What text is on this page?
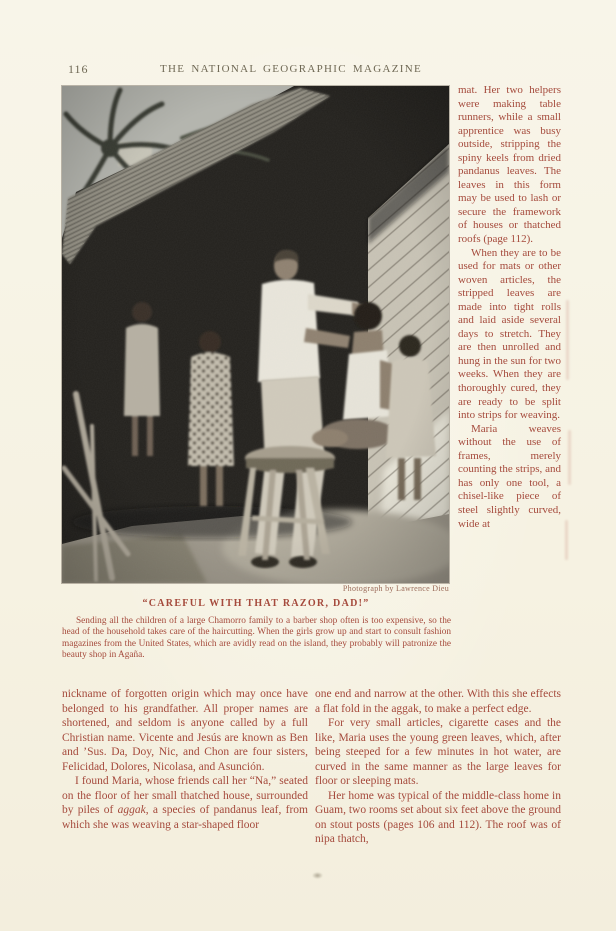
116	THE NATIONAL GEOGRAPHIC MAGAZINE

mat. Her two helpers were making table runners, while a small apprentice was busy outside, stripping the spiny keels from dried pandanus leaves. The leaves in this form may be used to lash or secure the framework of houses or thatched roofs (page 112).

When they are to be used for mats or other woven articles, the stripped leaves are made into tight rolls and laid aside several days to stretch. They are then unrolled and hung in the sun for two weeks. When they are thoroughly cured, they are ready to be split into strips for weaving.

Maria weaves without the use of frames, merely counting the strips, and has only one tool, a chisel-like piece of steel slightly curved, wide at

Photograph by Lawrence Dieu
“CAREFUL WITH THAT RAZOR, DAD!”

Sending all the children of a large Chamorro family to a barber shop often is too expensive, so the head of the household takes care of the haircutting. When the girls grow up and start to consult fashion magazines from the United States, which are avidly read on the island, they probably will patronize the beauty shop in Agaña.

nickname of forgotten origin which may once have belonged to his grandfather. All proper names are shortened, and seldom is anyone called by a full Christian name. Vicente and Jesús are known as Ben and ’Sus. Da, Doy, Nic, and Chon are four sisters, Felicidad, Dolores, Nicolasa, and Asunción.

I found Maria, whose friends call her “Na,” seated on the floor of her small thatched house, surrounded by piles of aggak, a species of pandanus leaf, from which she was weaving a star-shaped floor

one end and narrow at the other. With this she effects a flat fold in the aggak, to make a perfect edge.

For very small articles, cigarette cases and the like, Maria uses the young green leaves, which, after being steeped for a few minutes in hot water, are curved in the same manner as the large leaves for floor or sleeping mats.

Her home was typical of the middle-class home in Guam, two rooms set about six feet above the ground on stout posts (pages 106 and 112). The roof was of nipa thatch,
